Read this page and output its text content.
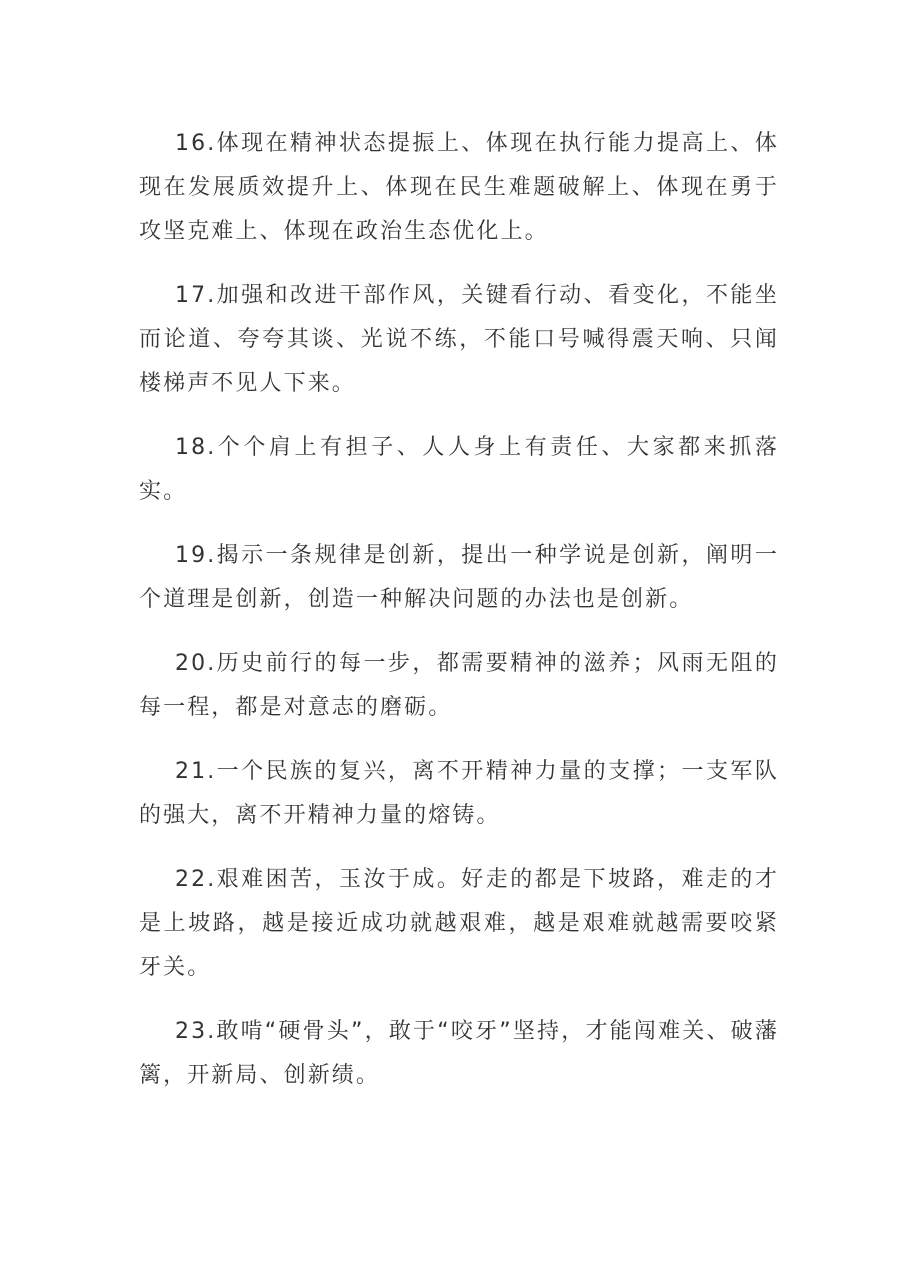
16.体现在精神状态提振上、体现在执行能力提高上、体现在发展质效提升上、体现在民生难题破解上、体现在勇于攻坚克难上、体现在政治生态优化上。

17.加强和改进干部作风，关键看行动、看变化，不能坐而论道、夸夸其谈、光说不练，不能口号喊得震天响、只闻楼梯声不见人下来。

18.个个肩上有担子、人人身上有责任、大家都来抓落实。

19.揭示一条规律是创新，提出一种学说是创新，阐明一个道理是创新，创造一种解决问题的办法也是创新。

20.历史前行的每一步，都需要精神的滋养；风雨无阻的每一程，都是对意志的磨砺。

21.一个民族的复兴，离不开精神力量的支撑；一支军队的强大，离不开精神力量的熔铸。

22.艰难困苦，玉汝于成。好走的都是下坡路，难走的才是上坡路，越是接近成功就越艰难，越是艰难就越需要咬紧牙关。

23.敢啃“硬骨头”，敢于“咬牙”坚持，才能闯难关、破藩篱，开新局、创新绩。
